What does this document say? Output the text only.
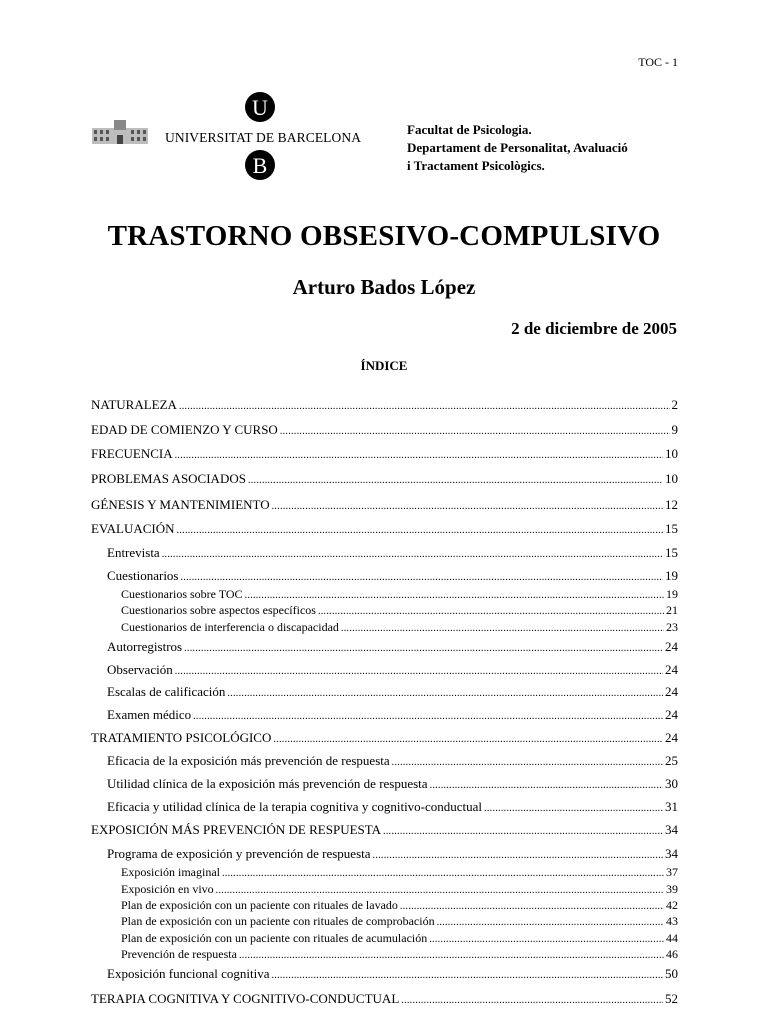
TOC - 1
U
UNIVERSITAT DE BARCELONA
B
Facultat de Psicologia.
Departament de Personalitat, Avaluació
i Tractament Psicològics.
TRASTORNO OBSESIVO-COMPULSIVO
Arturo Bados López
2 de diciembre de 2005
ÍNDICE
NATURALEZA .....	2
EDAD DE COMIENZO Y CURSO .....	9
FRECUENCIA .....	10
PROBLEMAS ASOCIADOS .....	10
GÉNESIS Y MANTENIMIENTO .....	12
EVALUACIÓN .....	15
Entrevista .....	15
Cuestionarios .....	19
Cuestionarios sobre TOC .....	19
Cuestionarios sobre aspectos específicos .....	21
Cuestionarios de interferencia o discapacidad .....	23
Autorregistros .....	24
Observación .....	24
Escalas de calificación .....	24
Examen médico .....	24
TRATAMIENTO PSICOLÓGICO .....	24
Eficacia de la exposición más prevención de respuesta .....	25
Utilidad clínica de la exposición más prevención de respuesta .....	30
Eficacia y utilidad clínica de la terapia cognitiva y cognitivo-conductual .....	31
EXPOSICIÓN MÁS PREVENCIÓN DE RESPUESTA .....	34
Programa de exposición y prevención de respuesta .....	34
Exposición imaginal .....	37
Exposición en vivo .....	39
Plan de exposición con un paciente con rituales de lavado .....	42
Plan de exposición con un paciente con rituales de comprobación .....	43
Plan de exposición con un paciente con rituales de acumulación .....	44
Prevención de respuesta .....	46
Exposición funcional cognitiva .....	50
TERAPIA COGNITIVA Y COGNITIVO-CONDUCTUAL .....	52
